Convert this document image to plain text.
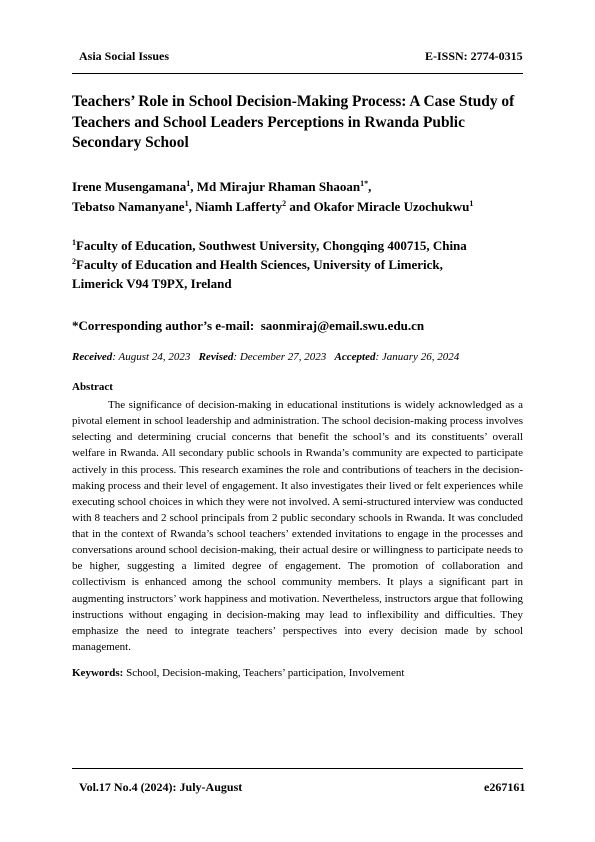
Asia Social Issues	E-ISSN: 2774-0315
Teachers’ Role in School Decision-Making Process: A Case Study of Teachers and School Leaders Perceptions in Rwanda Public Secondary School
Irene Musengamana$^1$, Md Mirajur Rhaman Shaoan$^{1*}$,
Tebatso Namanyane$^1$, Niamh Lafferty$^2$ and Okafor Miracle Uzochukwu$^1$
$^1$Faculty of Education, Southwest University, Chongqing 400715, China
$^2$Faculty of Education and Health Sciences, University of Limerick,
Limerick V94 T9PX, Ireland
*Corresponding author’s e-mail: saonmiraj@email.swu.edu.cn
Received: August 24, 2023 Revised: December 27, 2023 Accepted: January 26, 2024
Abstract

The significance of decision-making in educational institutions is widely acknowledged as a pivotal element in school leadership and administration. The school decision-making process involves selecting and determining crucial concerns that benefit the school’s and its constituents’ overall welfare in Rwanda. All secondary public schools in Rwanda’s community are expected to participate actively in this process. This research examines the role and contributions of teachers in the decision-making process and their level of engagement. It also investigates their lived or felt experiences while executing school choices in which they were not involved. A semi-structured interview was conducted with 8 teachers and 2 school principals from 2 public secondary schools in Rwanda. It was concluded that in the context of Rwanda’s school teachers’ extended invitations to engage in the processes and conversations around school decision-making, their actual desire or willingness to participate needs to be higher, suggesting a limited degree of engagement. The promotion of collaboration and collectivism is enhanced among the school community members. It plays a significant part in augmenting instructors’ work happiness and motivation. Nevertheless, instructors argue that following instructions without engaging in decision-making may lead to inflexibility and difficulties. They emphasize the need to integrate teachers’ perspectives into every decision made by school management.

Keywords: School, Decision-making, Teachers’ participation, Involvement
Vol.17 No.4 (2024): July-August	e267161
